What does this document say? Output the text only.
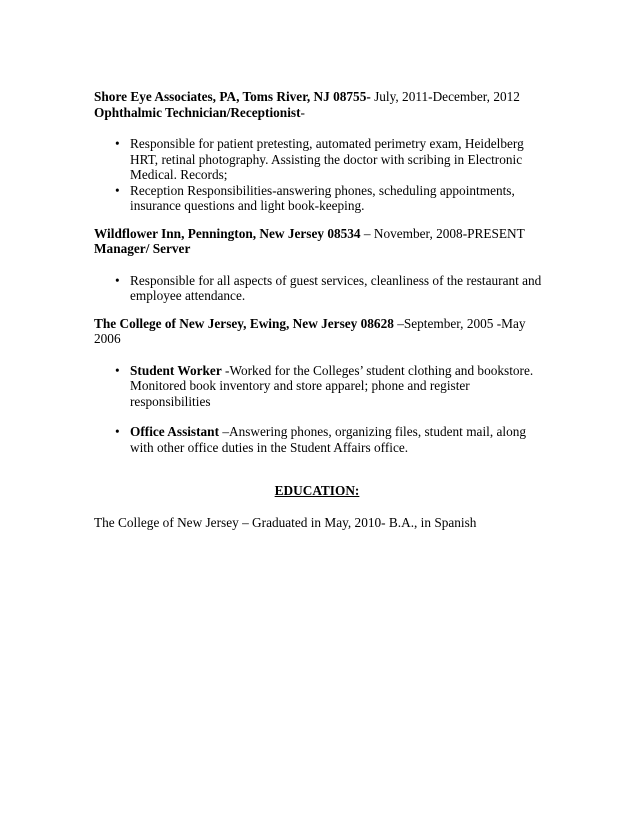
Shore Eye Associates, PA, Toms River, NJ 08755- July, 2011-December, 2012

Ophthalmic Technician/Receptionist-

• Responsible for patient pretesting, automated perimetry exam, Heidelberg HRT, retinal photography. Assisting the doctor with scribing in Electronic Medical. Records;
• Reception Responsibilities-answering phones, scheduling appointments, insurance questions and light book-keeping.

Wildflower Inn, Pennington, New Jersey 08534 – November, 2008-PRESENT

Manager/ Server

• Responsible for all aspects of guest services, cleanliness of the restaurant and employee attendance.

The College of New Jersey, Ewing, New Jersey 08628 –September, 2005 -May 2006

• Student Worker -Worked for the Colleges’ student clothing and bookstore. Monitored book inventory and store apparel; phone and register responsibilities
• Office Assistant –Answering phones, organizing files, student mail, along with other office duties in the Student Affairs office.

EDUCATION:

The College of New Jersey – Graduated in May, 2010- B.A., in Spanish
